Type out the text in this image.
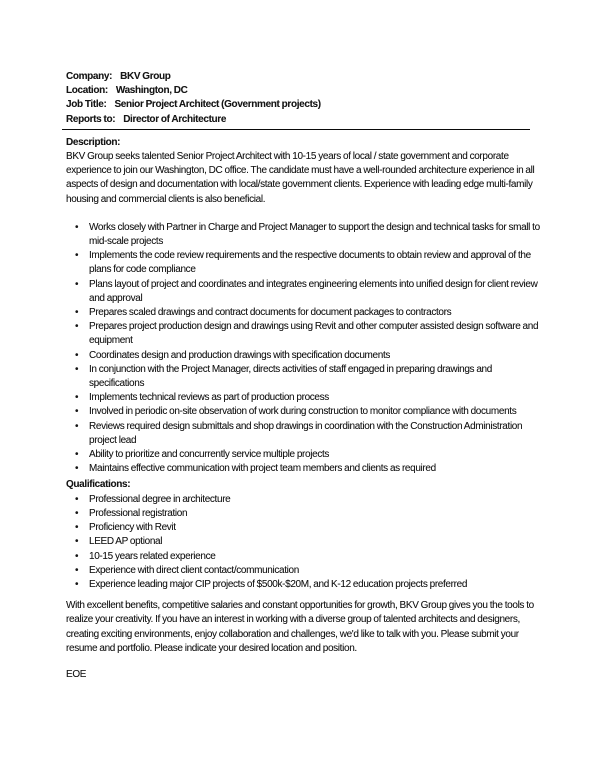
Company: BKV Group
Location: Washington, DC
Job Title: Senior Project Architect (Government projects)
Reports to: Director of Architecture
Description:
BKV Group seeks talented Senior Project Architect with 10-15 years of local / state government and corporate experience to join our Washington, DC office. The candidate must have a well-rounded architecture experience in all aspects of design and documentation with local/state government clients. Experience with leading edge multi-family housing and commercial clients is also beneficial.
• Works closely with Partner in Charge and Project Manager to support the design and technical tasks for small to mid-scale projects
• Implements the code review requirements and the respective documents to obtain review and approval of the plans for code compliance
• Plans layout of project and coordinates and integrates engineering elements into unified design for client review and approval
• Prepares scaled drawings and contract documents for document packages to contractors
• Prepares project production design and drawings using Revit and other computer assisted design software and equipment
• Coordinates design and production drawings with specification documents
• In conjunction with the Project Manager, directs activities of staff engaged in preparing drawings and specifications
• Implements technical reviews as part of production process
• Involved in periodic on-site observation of work during construction to monitor compliance with documents
• Reviews required design submittals and shop drawings in coordination with the Construction Administration project lead
• Ability to prioritize and concurrently service multiple projects
• Maintains effective communication with project team members and clients as required
Qualifications:
• Professional degree in architecture
• Professional registration
• Proficiency with Revit
• LEED AP optional
• 10-15 years related experience
• Experience with direct client contact/communication
• Experience leading major CIP projects of $500k-$20M, and K-12 education projects preferred
With excellent benefits, competitive salaries and constant opportunities for growth, BKV Group gives you the tools to realize your creativity. If you have an interest in working with a diverse group of talented architects and designers, creating exciting environments, enjoy collaboration and challenges, we'd like to talk with you. Please submit your resume and portfolio. Please indicate your desired location and position.
EOE
